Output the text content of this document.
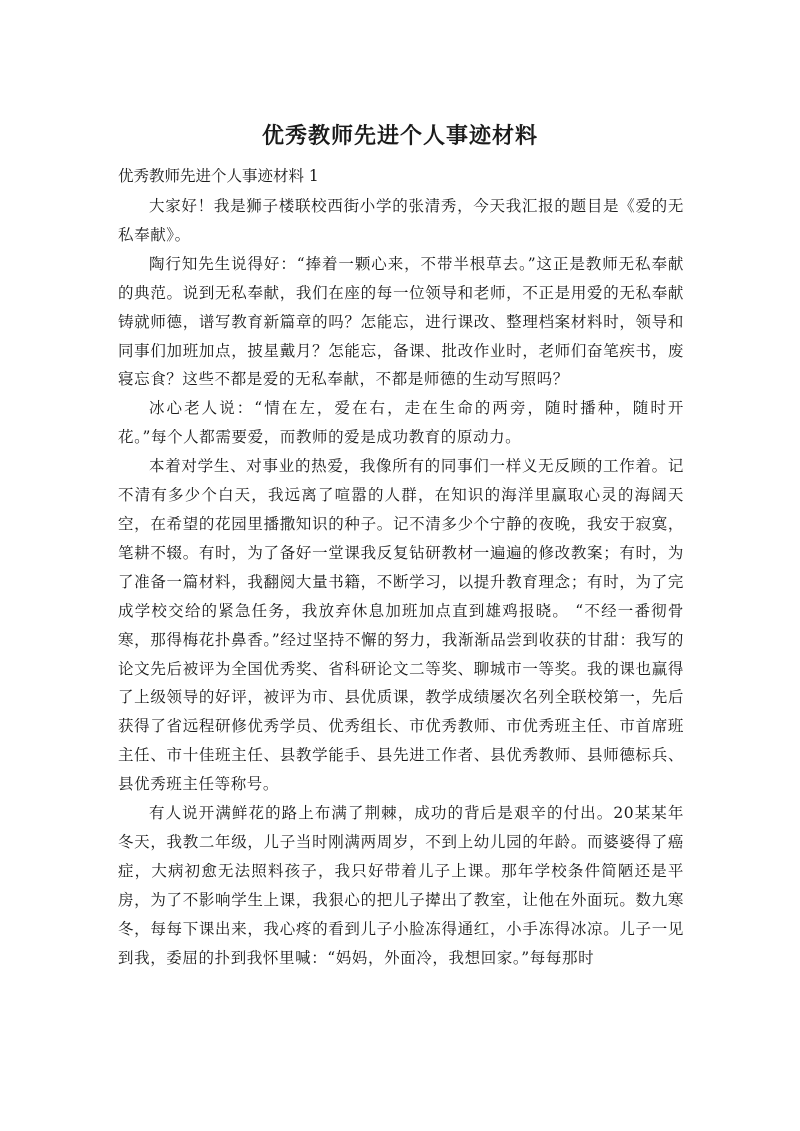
优秀教师先进个人事迹材料
优秀教师先进个人事迹材料 1

大家好！我是狮子楼联校西街小学的张清秀，今天我汇报的题目是《爱的无私奉献》。

陶行知先生说得好：“捧着一颗心来，不带半根草去。”这正是教师无私奉献的典范。说到无私奉献，我们在座的每一位领导和老师，不正是用爱的无私奉献铸就师德，谱写教育新篇章的吗？怎能忘，进行课改、整理档案材料时，领导和同事们加班加点，披星戴月？怎能忘，备课、批改作业时，老师们奋笔疾书，废寝忘食？这些不都是爱的无私奉献，不都是师德的生动写照吗？

冰心老人说：“情在左，爱在右，走在生命的两旁，随时播种，随时开花。”每个人都需要爱，而教师的爱是成功教育的原动力。

本着对学生、对事业的热爱，我像所有的同事们一样义无反顾的工作着。记不清有多少个白天，我远离了喧嚣的人群，在知识的海洋里赢取心灵的海阔天空，在希望的花园里播撒知识的种子。记不清多少个宁静的夜晚，我安于寂寞，笔耕不辍。有时，为了备好一堂课我反复钻研教材一遍遍的修改教案；有时，为了准备一篇材料，我翻阅大量书籍，不断学习，以提升教育理念；有时，为了完成学校交给的紧急任务，我放弃休息加班加点直到雄鸡报晓。 “不经一番彻骨寒，那得梅花扑鼻香。”经过坚持不懈的努力，我渐渐品尝到收获的甘甜：我写的论文先后被评为全国优秀奖、省科研论文二等奖、聊城市一等奖。我的课也赢得了上级领导的好评，被评为市、县优质课，教学成绩屡次名列全联校第一，先后获得了省远程研修优秀学员、优秀组长、市优秀教师、市优秀班主任、市首席班主任、市十佳班主任、县教学能手、县先进工作者、县优秀教师、县师德标兵、县优秀班主任等称号。

有人说开满鲜花的路上布满了荆棘，成功的背后是艰辛的付出。20某某年冬天，我教二年级，儿子当时刚满两周岁，不到上幼儿园的年龄。而婆婆得了癌症，大病初愈无法照料孩子，我只好带着儿子上课。那年学校条件简陋还是平房，为了不影响学生上课，我狠心的把儿子撵出了教室，让他在外面玩。数九寒冬，每每下课出来，我心疼的看到儿子小脸冻得通红，小手冻得冰凉。儿子一见到我，委屈的扑到我怀里喊：“妈妈，外面冷，我想回家。”每每那时
